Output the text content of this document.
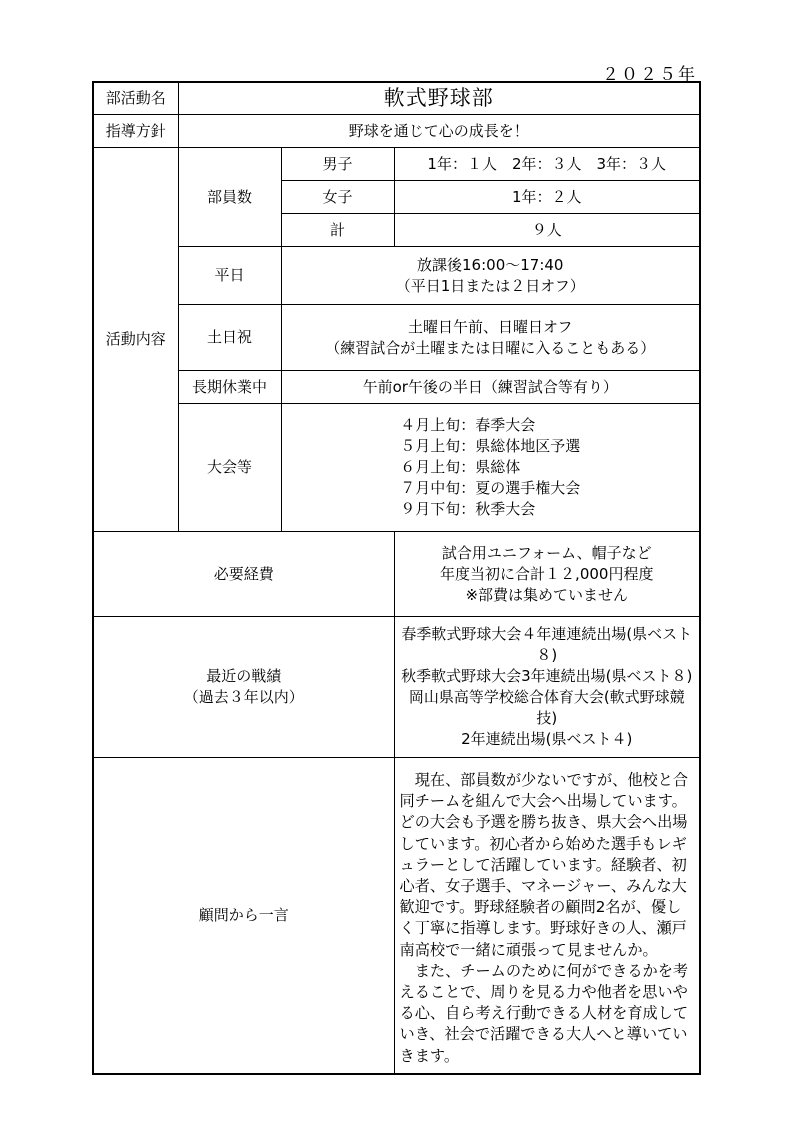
２０２５年
部活動名	軟式野球部		
指導方針	野球を通じて心の成長を！		
活動内容	部員数	男子	1年：１人　2年：３人　3年：３人
		女子	1年：２人
		計	９人
	平日	放課後16:00～17:40
（平日1日または２日オフ）	

	土日祝	土曜日午前、日曜日オフ
（練習試合が土曜または日曜に入ることもある）	

	長期休業中	午前or午後の半日（練習試合等有り）	
	大会等	４月上旬：春季大会
５月上旬：県総体地区予選
６月上旬：県総体
７月中旬：夏の選手権大会
９月下旬：秋季大会	

必要経費			試合用ユニフォーム、帽子など
年度当初に合計１２,000円程度
※部費は集めていません

最近の戦績
（過去３年以内）			春季軟式野球大会４年連連続出場(県ベスト８)
秋季軟式野球大会3年連続出場(県ベスト８)
岡山県高等学校総合体育大会(軟式野球競技)
2年連続出場(県ベスト４)

顧問から一言			現在、部員数が少ないですが、他校と合同チームを組んで大会へ出場しています。どの大会も予選を勝ち抜き、県大会へ出場しています。初心者から始めた選手もレギュラーとして活躍しています。経験者、初心者、女子選手、マネージャー、みんな大歓迎です。野球経験者の顧問2名が、優しく丁寧に指導します。野球好きの人、瀬戸南高校で一緒に頑張って見ませんか。

また、チームのために何ができるかを考えることで、周りを見る力や他者を思いやる心、自ら考え行動できる人材を育成していき、社会で活躍できる大人へと導いていきます。
